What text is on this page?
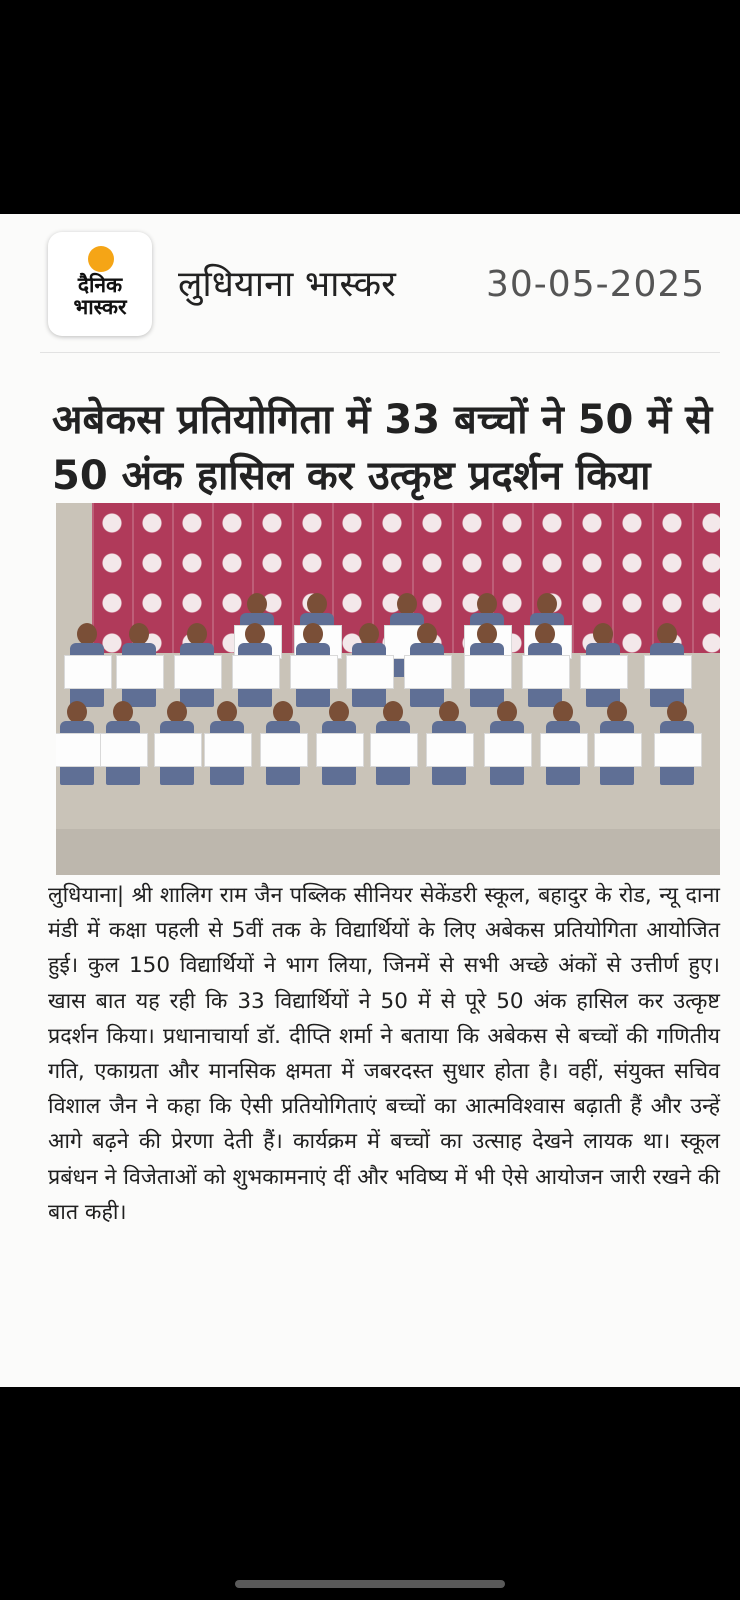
दैनिक
भास्कर
लुधियाना भास्कर	30-05-2025
अबेकस प्रतियोगिता में 33 बच्चों ने 50 में से
50 अंक हासिल कर उत्कृष्ट प्रदर्शन किया
लुधियाना| श्री शालिग राम जैन पब्लिक सीनियर सेकेंडरी स्कूल, बहादुर के रोड, न्यू दाना मंडी में कक्षा पहली से 5वीं तक के विद्यार्थियों के लिए अबेकस प्रतियोगिता आयोजित हुई। कुल 150 विद्यार्थियों ने भाग लिया, जिनमें से सभी अच्छे अंकों से उत्तीर्ण हुए। खास बात यह रही कि 33 विद्यार्थियों ने 50 में से पूरे 50 अंक हासिल कर उत्कृष्ट प्रदर्शन किया। प्रधानाचार्या डॉ. दीप्ति शर्मा ने बताया कि अबेकस से बच्चों की गणितीय गति, एकाग्रता और मानसिक क्षमता में जबरदस्त सुधार होता है। वहीं, संयुक्त सचिव विशाल जैन ने कहा कि ऐसी प्रतियोगिताएं बच्चों का आत्मविश्वास बढ़ाती हैं और उन्हें आगे बढ़ने की प्रेरणा देती हैं। कार्यक्रम में बच्चों का उत्साह देखने लायक था। स्कूल प्रबंधन ने विजेताओं को शुभकामनाएं दीं और भविष्य में भी ऐसे आयोजन जारी रखने की बात कही।
